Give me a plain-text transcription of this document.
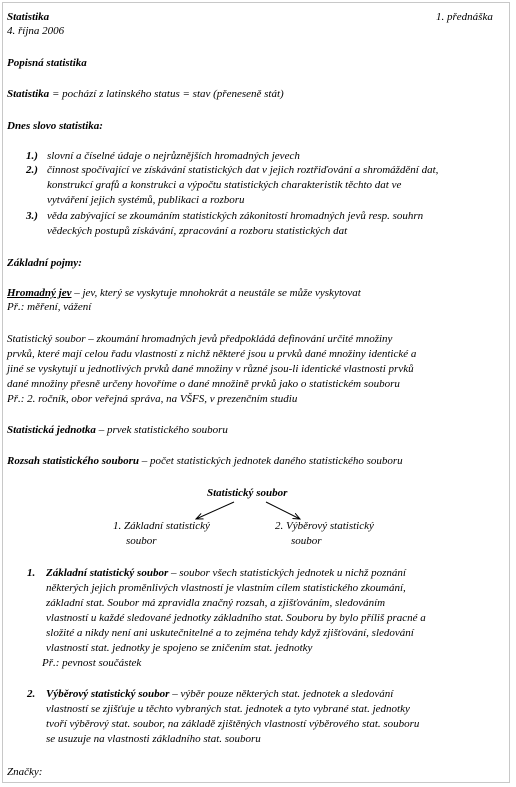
Statistika	1. přednáška
4. října 2006
Popisná statistika
Statistika = pochází z latinského status = stav (přeneseně stát)
Dnes slovo statistika:
1.) slovní a číselné údaje o nejrůznějších hromadných jevech
2.) činnost spočívající ve získávání statistických dat v jejich roztřiďování a shromáždění dat,
konstrukcí grafů a konstrukci a výpočtu statistických charakteristik těchto dat ve
vytváření jejich systémů, publikaci a rozboru
3.) věda zabývající se zkoumáním statistických zákonitostí hromadných jevů resp. souhrn
vědeckých postupů získávání, zpracování a rozboru statistických dat
Základní pojmy:
Hromadný jev – jev, který se vyskytuje mnohokrát a neustále se může vyskytovat
Př.: měření, vážení
Statistický soubor – zkoumání hromadných jevů předpokládá definování určité množiny
prvků, které mají celou řadu vlastností z nichž některé jsou u prvků dané množiny identické a
jiné se vyskytují u jednotlivých prvků dané množiny v různé jsou-li identické vlastnosti prvků
dané množiny přesně určeny hovoříme o dané množině prvků jako o statistickém souboru
Př.: 2. ročník, obor veřejná správa, na VŠFS, v prezenčním studiu
Statistická jednotka – prvek statistického souboru
Rozsah statistického souboru – počet statistických jednotek daného statistického souboru
Statistický soubor
1. Základní statistický
soubor
2. Výběrový statistický
soubor
1. Základní statistický soubor – soubor všech statistických jednotek u nichž poznání
některých jejich proměnlivých vlastností je vlastním cílem statistického zkoumání,
základní stat. Soubor má zpravidla značný rozsah, a zjišťováním, sledováním
vlastností u každé sledované jednotky základního stat. Souboru by bylo příliš pracné a
složité a nikdy není ani uskutečnitelné a to zejména tehdy když zjišťování, sledování
vlastností stat. jednotky je spojeno se zničením stat. jednotky
Př.: pevnost součástek
2. Výběrový statistický soubor – výběr pouze některých stat. jednotek a sledování
vlastností se zjišťuje u těchto vybraných stat. jednotek a tyto vybrané stat. jednotky
tvoří výběrový stat. soubor, na základě zjištěných vlastností výběrového stat. souboru
se usuzuje na vlastnosti základního stat. souboru
Značky:
